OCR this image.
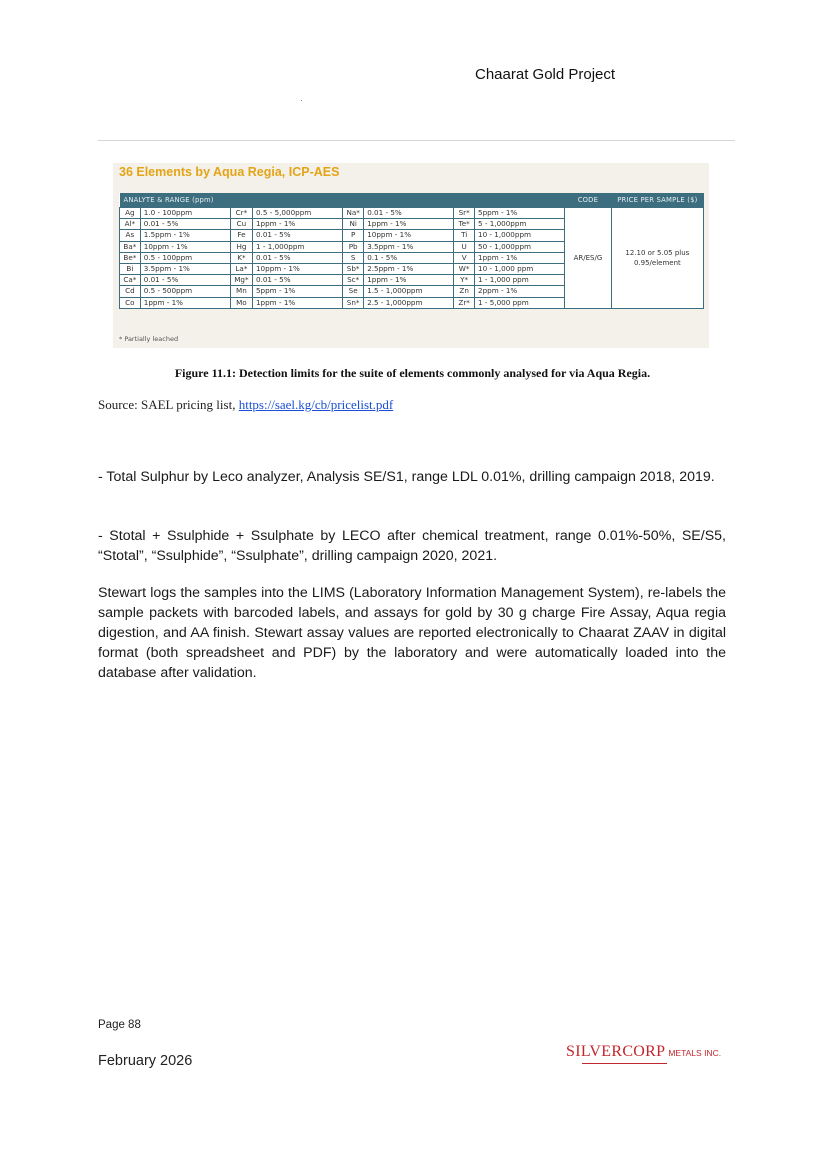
Chaarat Gold Project
36 Elements by Aqua Regia, ICP-AES
ANALYTE & RANGE (ppm)								CODE	PRICE PER SAMPLE ($)
Ag	1.0 - 100ppm	Cr*	0.5 - 5,000ppm	Na*	0.01 - 5%	Sr*	5ppm - 1%	AR/ES/G	12.10 or 5.05 plus 0.95/element
Al*	0.01 - 5%	Cu	1ppm - 1%	Ni	1ppm - 1%	Te*	5 - 1,000ppm		
As	1.5ppm - 1%	Fe	0.01 - 5%	P	10ppm - 1%	Ti	10 - 1,000ppm		
Ba*	10ppm - 1%	Hg	1 - 1,000ppm	Pb	3.5ppm - 1%	U	50 - 1,000ppm		
Be*	0.5 - 100ppm	K*	0.01 - 5%	S	0.1 - 5%	V	1ppm - 1%		
Bi	3.5ppm - 1%	La*	10ppm - 1%	Sb*	2.5ppm - 1%	W*	10 - 1,000 ppm		
Ca*	0.01 - 5%	Mg*	0.01 - 5%	Sc*	1ppm - 1%	Y*	1 - 1,000 ppm		
Cd	0.5 - 500ppm	Mn	5ppm - 1%	Se	1.5 - 1,000ppm	Zn	2ppm - 1%		
Co	1ppm - 1%	Mo	1ppm - 1%	Sn*	2.5 - 1,000ppm	Zr*	1 - 5,000 ppm		
* Partially leached
Figure 11.1: Detection limits for the suite of elements commonly analysed for via Aqua Regia.
Source: SAEL pricing list, https://sael.kg/cb/pricelist.pdf
- Total Sulphur by Leco analyzer, Analysis SE/S1, range LDL 0.01%, drilling campaign 2018, 2019.
- Stotal + Ssulphide + Ssulphate by LECO after chemical treatment, range 0.01%-50%, SE/S5, “Stotal”, “Ssulphide”, “Ssulphate”, drilling campaign 2020, 2021.
Stewart logs the samples into the LIMS (Laboratory Information Management System), re-labels the sample packets with barcoded labels, and assays for gold by 30 g charge Fire Assay, Aqua regia digestion, and AA finish. Stewart assay values are reported electronically to Chaarat ZAAV in digital format (both spreadsheet and PDF) by the laboratory and were automatically loaded into the database after validation.
Page 88
February 2026
SILVERCORP METALS INC.
